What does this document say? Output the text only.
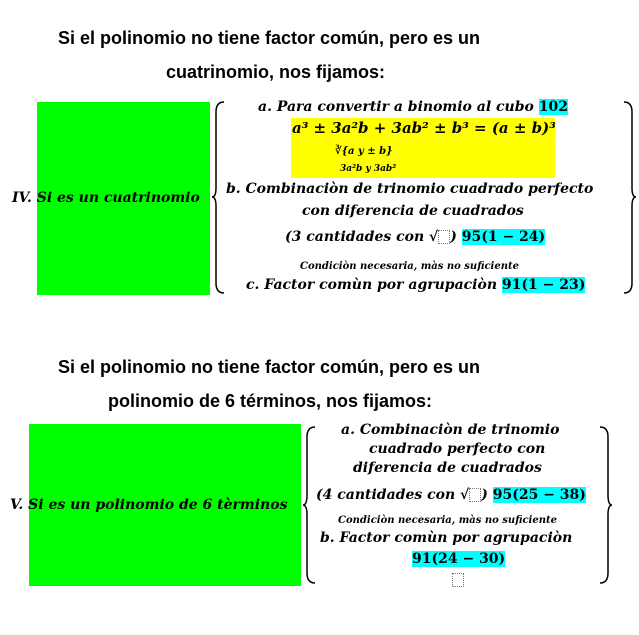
Si el polinomio no tiene factor común, pero es un
cuatrinomio, nos fijamos:
IV. Si es un cuatrinomio
a. Para convertir a binomio al cubo 102
a³ ± 3a²b + 3ab² ± b³ = (a ± b)³
∛{a y ± b}
3a²b y 3ab²
b. Combinaciòn de trinomio cuadrado perfecto
con diferencia de cuadrados
(3 cantidades con √ ) 95(1 − 24)
Condiciòn necesaria, màs no suficiente
c. Factor comùn por agrupaciòn 91(1 − 23)
Si el polinomio no tiene factor común, pero es un
polinomio de 6 términos, nos fijamos:
V. Si es un polinomio de 6 tèrminos
a. Combinaciòn de trinomio
cuadrado perfecto con
diferencia de cuadrados
(4 cantidades con √ ) 95(25 − 38)
Condiciòn necesaria, màs no suficiente
b. Factor comùn por agrupaciòn
91(24 − 30)
